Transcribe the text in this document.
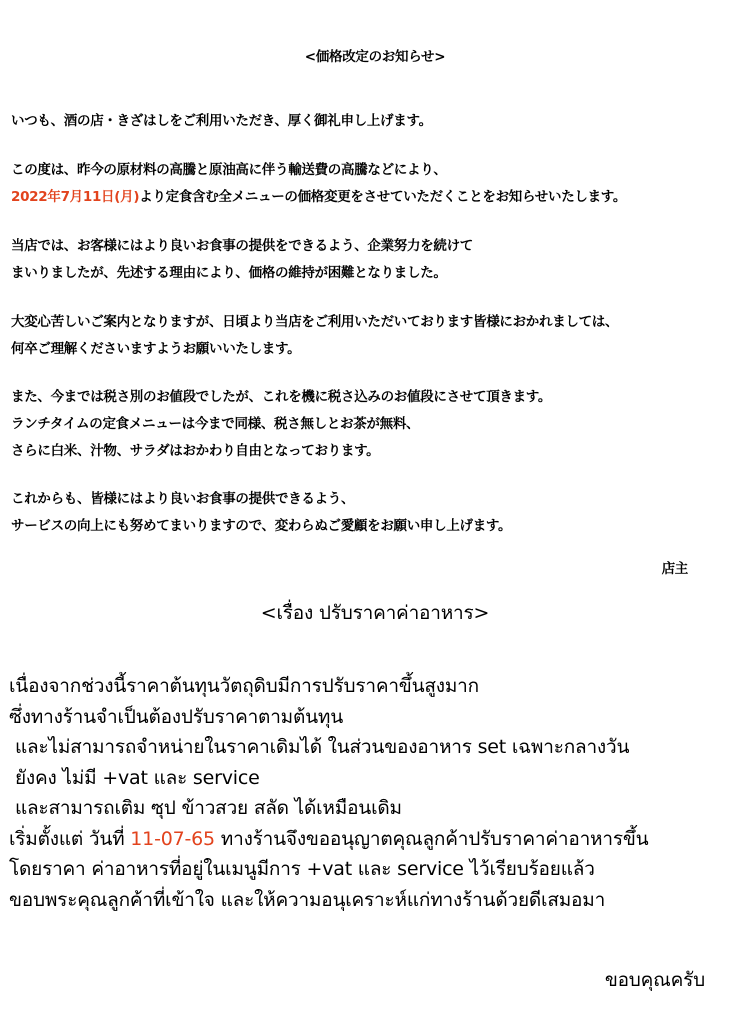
<価格改定のお知らせ>
いつも、酒の店・きざはしをご利用いただき、厚く御礼申し上げます。
この度は、昨今の原材料の高騰と原油高に伴う輸送費の高騰などにより、
2022年7月11日(月)より定食含む全メニューの価格変更をさせていただくことをお知らせいたします。
当店では、お客様にはより良いお食事の提供をできるよう、企業努力を続けて
まいりましたが、先述する理由により、価格の維持が困難となりました。
大変心苦しいご案内となりますが、日頃より当店をご利用いただいております皆様におかれましては、
何卒ご理解くださいますようお願いいたします。
また、今までは税さ別のお値段でしたが、これを機に税さ込みのお値段にさせて頂きます。
ランチタイムの定食メニューは今まで同様、税さ無しとお茶が無料、
さらに白米、汁物、サラダはおかわり自由となっております。
これからも、皆様にはより良いお食事の提供できるよう、
サービスの向上にも努めてまいりますので、変わらぬご愛顧をお願い申し上げます。
店主
<เรื่อง ปรับราคาค่าอาหาร>
เนื่องจากช่วงนี้ราคาต้นทุนวัตถุดิบมีการปรับราคาขึ้นสูงมาก
ซึ่งทางร้านจำเป็นต้องปรับราคาตามต้นทุน
และไม่สามารถจำหน่ายในราคาเดิมได้ ในส่วนของอาหาร set เฉพาะกลางวัน
ยังคง ไม่มี +vat และ service
และสามารถเติม ซุป ข้าวสวย สลัด ได้เหมือนเดิม
เริ่มตั้งแต่ วันที่ 11-07-65 ทางร้านจึงขออนุญาตคุณลูกค้าปรับราคาค่าอาหารขึ้น
โดยราคา ค่าอาหารที่อยู่ในเมนูมีการ +vat และ service ไว้เรียบร้อยแล้ว
ขอบพระคุณลูกค้าที่เข้าใจ และให้ความอนุเคราะห์แก่ทางร้านด้วยดีเสมอมา
ขอบคุณครับ
